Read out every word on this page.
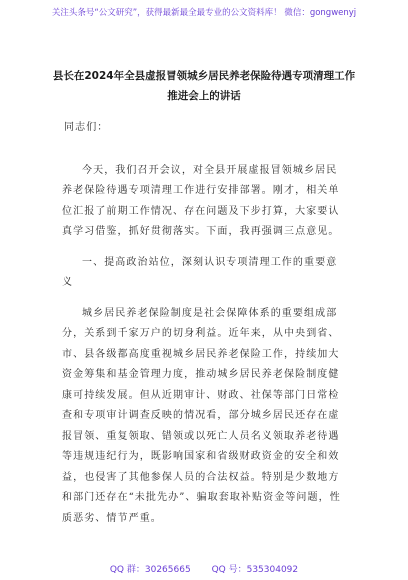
关注头条号“公文研究”，获得最新最全最专业的公文资料库！ 微信：gongwenyj
县长在2024年全县虚报冒领城乡居民养老保险待遇专项清理工作推进会上的讲话

同志们：

今天，我们召开会议，对全县开展虚报冒领城乡居民养老保险待遇专项清理工作进行安排部署。刚才，相关单位汇报了前期工作情况、存在问题及下步打算，大家要认真学习借鉴，抓好贯彻落实。下面，我再强调三点意见。

一、提高政治站位，深刻认识专项清理工作的重要意义

城乡居民养老保险制度是社会保障体系的重要组成部分，关系到千家万户的切身利益。近年来，从中央到省、市、县各级都高度重视城乡居民养老保险工作，持续加大资金筹集和基金管理力度，推动城乡居民养老保险制度健康可持续发展。但从近期审计、财政、社保等部门日常检查和专项审计调查反映的情况看，部分城乡居民还存在虚报冒领、重复领取、错领或以死亡人员名义领取养老待遇等违规违纪行为，既影响国家和省级财政资金的安全和效益，也侵害了其他参保人员的合法权益。特别是少数地方和部门还存在“未批先办”、骗取套取补贴资金等问题，性质恶劣、情节严重。

QQ 群：30265665 QQ 号：535304092
